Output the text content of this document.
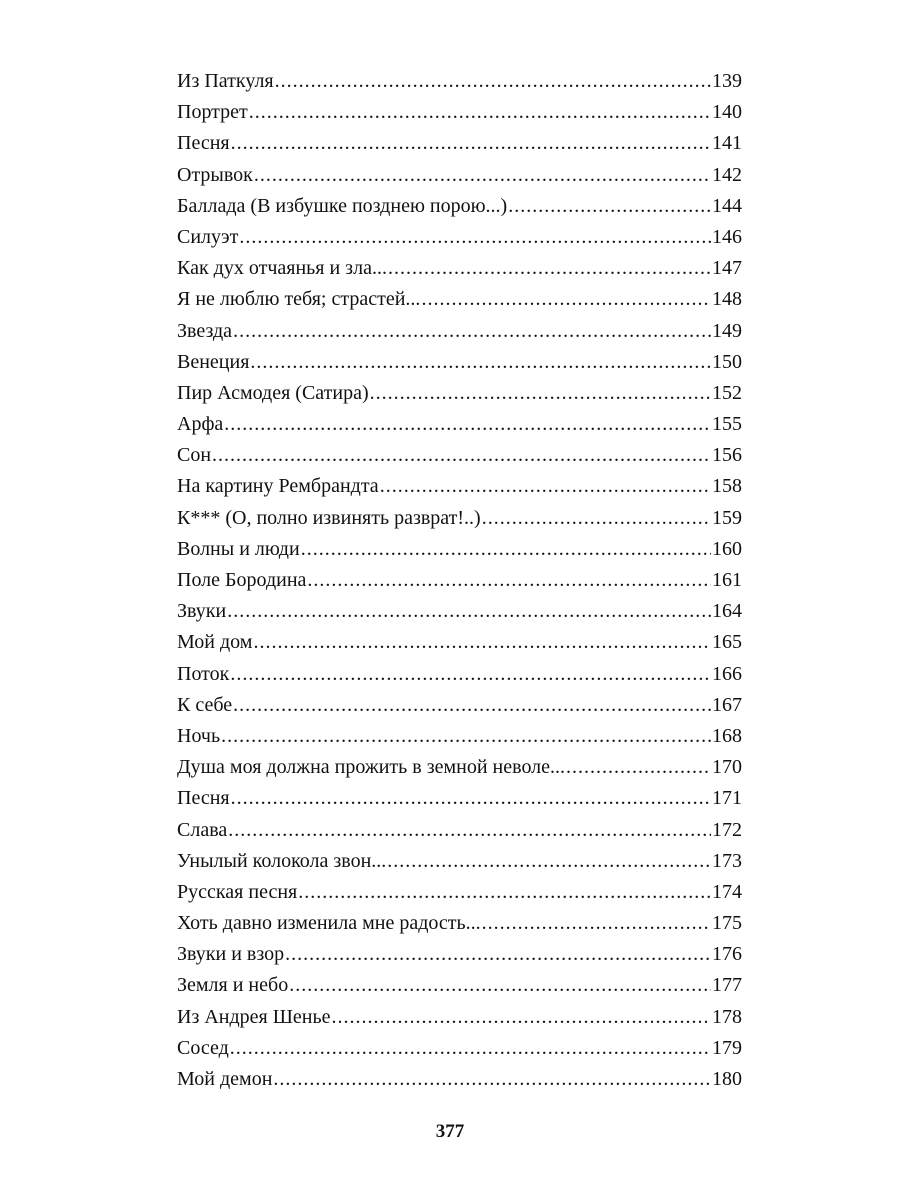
Из Паткуля .....	139
Портрет .....	140
Песня .....	141
Отрывок .....	142
Баллада (В избушке позднею порою...) .....	144
Силуэт .....	146
Как дух отчаянья и зла... .....	147
Я не люблю тебя; страстей... .....	148
Звезда .....	149
Венеция .....	150
Пир Асмодея (Сатира) .....	152
Арфа .....	155
Сон .....	156
На картину Рембрандта .....	158
К*** (О, полно извинять разврат!..) .....	159
Волны и люди .....	160
Поле Бородина .....	161
Звуки .....	164
Мой дом .....	165
Поток .....	166
К себе .....	167
Ночь .....	168
Душа моя должна прожить в земной неволе... .....	170
Песня .....	171
Слава .....	172
Унылый колокола звон... .....	173
Русская песня .....	174
Хоть давно изменила мне радость... .....	175
Звуки и взор .....	176
Земля и небо .....	177
Из Андрея Шенье .....	178
Сосед .....	179
Мой демон .....	180
377
